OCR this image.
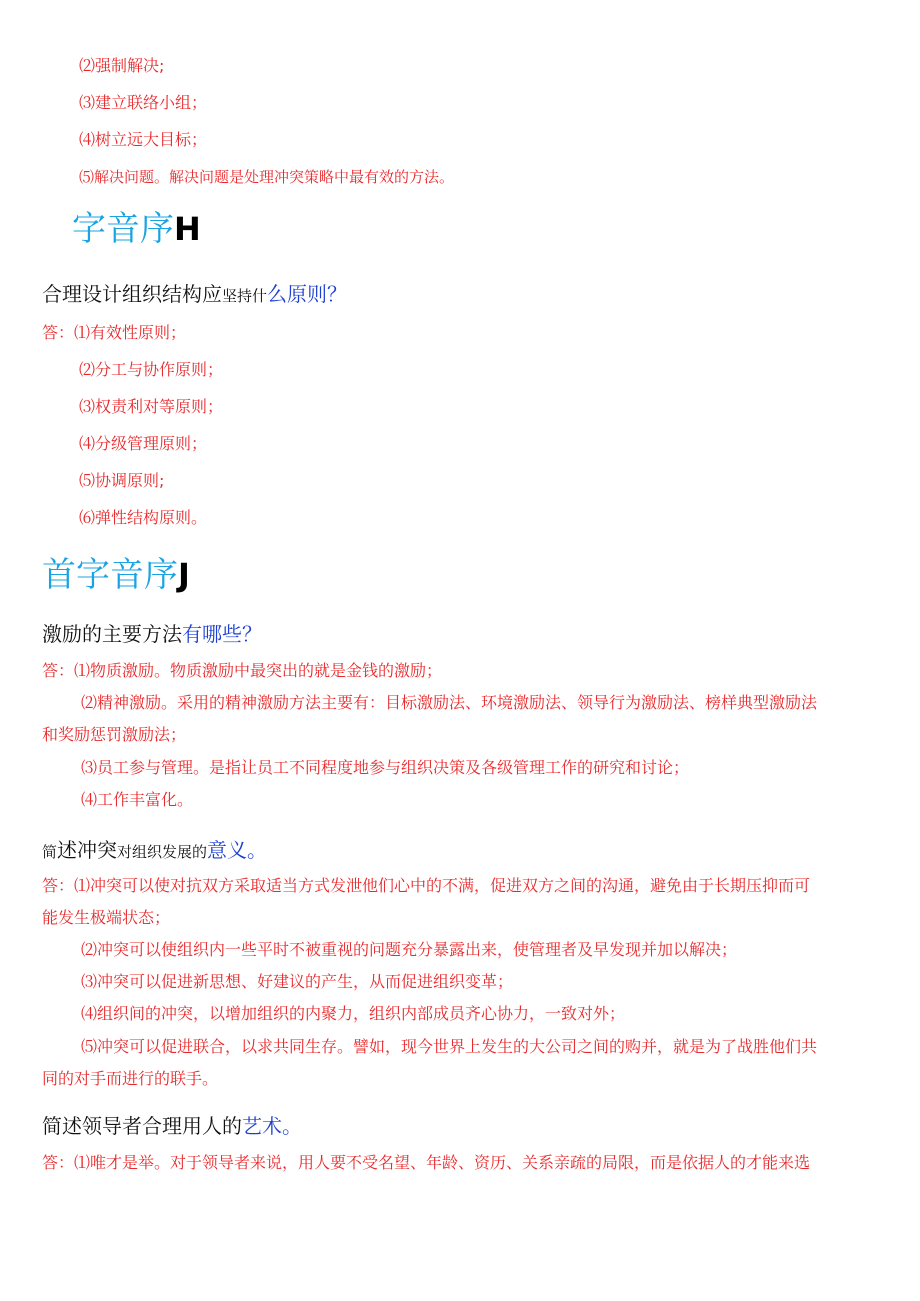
⑵强制解决;
⑶建立联络小组；
⑷树立远大目标；
⑸解决问题。解决问题是处理冲突策略中最有效的方法。
字音序H
合理设计组织结构应坚持什么原则？
答：⑴有效性原则；
⑵分工与协作原则；
⑶权责利对等原则；
⑷分级管理原则；
⑸协调原则;
⑹弹性结构原则。
首字音序J
激励的主要方法有哪些？
答：⑴物质激励。物质激励中最突出的就是金钱的激励；
⑵精神激励。采用的精神激励方法主要有：目标激励法、环境激励法、领导行为激励法、榜样典型激励法
和奖励惩罚激励法；
⑶员工参与管理。是指让员工不同程度地参与组织决策及各级管理工作的研究和讨论；
⑷工作丰富化。
简述冲突对组织发展的意义。
答：⑴冲突可以使对抗双方采取适当方式发泄他们心中的不满，促进双方之间的沟通，避免由于长期压抑而可
能发生极端状态；
⑵冲突可以使组织内一些平时不被重视的问题充分暴露出来，使管理者及早发现并加以解决；
⑶冲突可以促进新思想、好建议的产生，从而促进组织变革；
⑷组织间的冲突，以增加组织的内聚力，组织内部成员齐心协力，一致对外；
⑸冲突可以促进联合，以求共同生存。譬如，现今世界上发生的大公司之间的购并，就是为了战胜他们共
同的对手而进行的联手。
简述领导者合理用人的艺术。
答：⑴唯才是举。对于领导者来说，用人要不受名望、年龄、资历、关系亲疏的局限，而是依据人的才能来选
